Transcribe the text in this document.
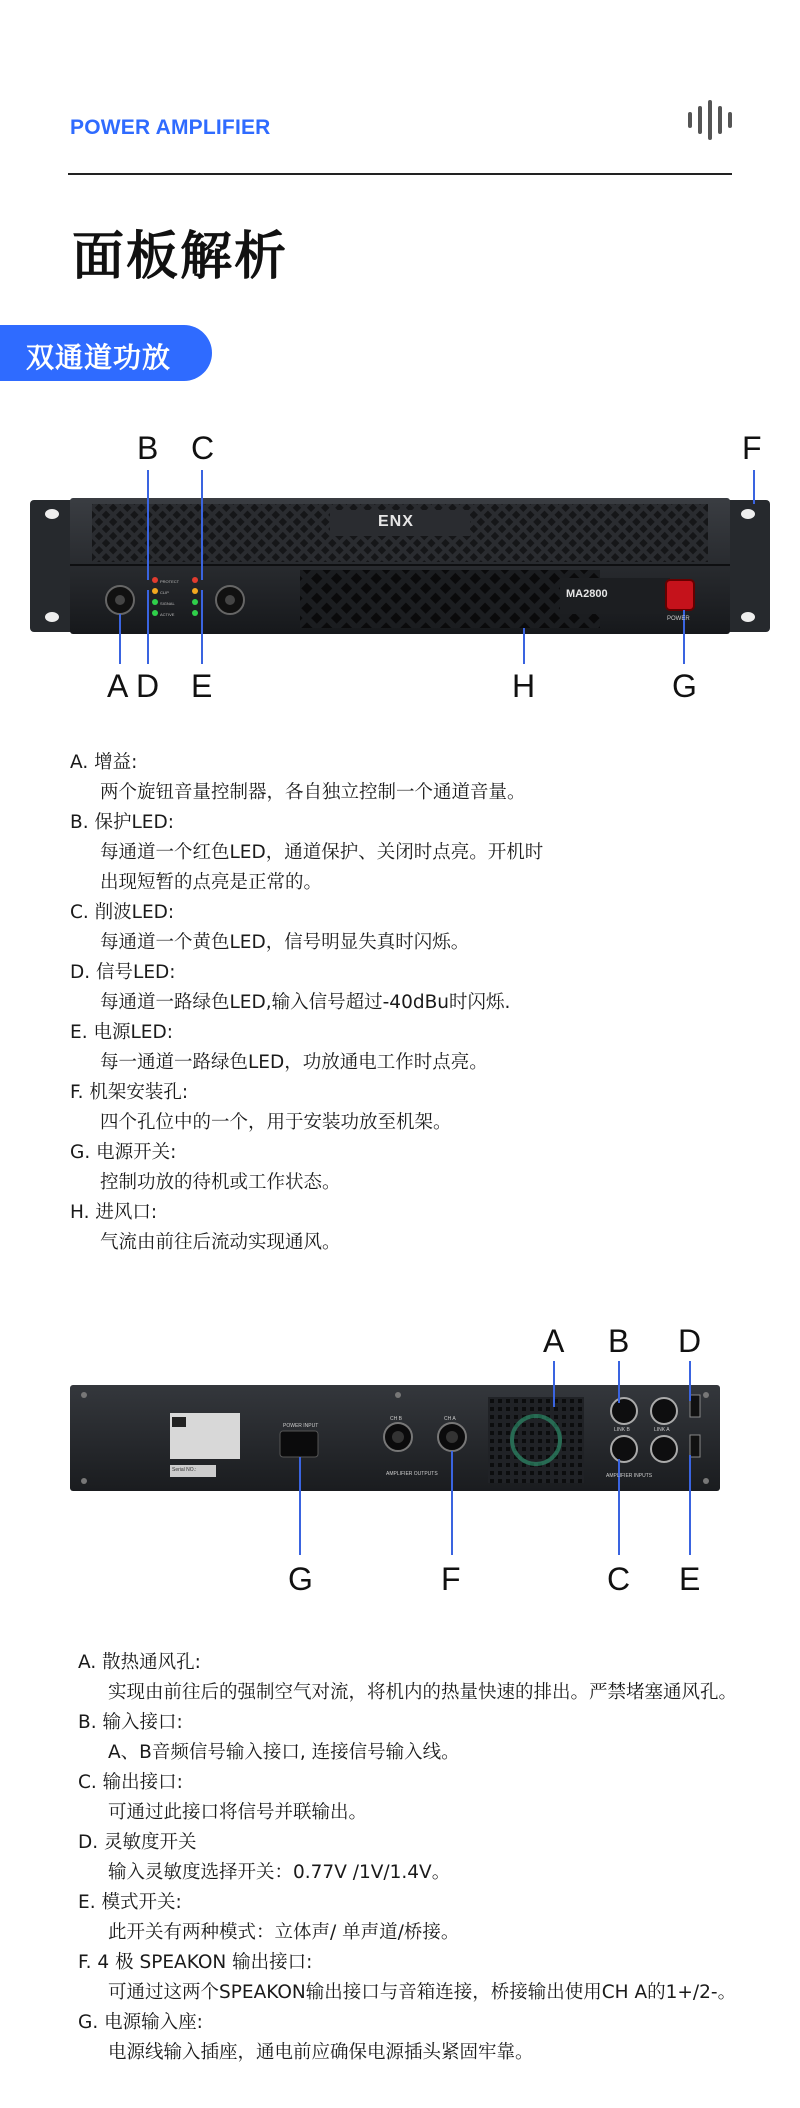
POWER AMPLIFIER
面板解析
双通道功放
B C	F
A D E	H	G
ENX
MA2800
POWER
PROTECT
CLIP
SIGNAL
ACTIVE
A. 增益:
两个旋钮音量控制器，各自独立控制一个通道音量。
B. 保护LED:
每通道一个红色LED，通道保护、关闭时点亮。开机时
出现短暂的点亮是正常的。
C. 削波LED:
每通道一个黄色LED，信号明显失真时闪烁。
D. 信号LED:
每通道一路绿色LED,输入信号超过-40dBu时闪烁.
E. 电源LED:
每一通道一路绿色LED，功放通电工作时点亮。
F. 机架安装孔:
四个孔位中的一个，用于安装功放至机架。
G. 电源开关:
控制功放的待机或工作状态。
H. 进风口:
气流由前往后流动实现通风。
A B D
G	F	C E
POWER INPUT
CH B	CH A
AMPLIFIER OUTPUTS	AMPLIFIER INPUTS
LINK B	LINK A
Serial NO.:
A. 散热通风孔:
实现由前往后的强制空气对流，将机内的热量快速的排出。严禁堵塞通风孔。
B. 输入接口:
A、B音频信号输入接口, 连接信号输入线。
C. 输出接口:
可通过此接口将信号并联输出。
D. 灵敏度开关
输入灵敏度选择开关：0.77V /1V/1.4V。
E. 模式开关:
此开关有两种模式：立体声/ 单声道/桥接。
F. 4 极 SPEAKON 输出接口:
可通过这两个SPEAKON输出接口与音箱连接，桥接输出使用CH A的1+/2-。
G. 电源输入座:
电源线输入插座，通电前应确保电源插头紧固牢靠。
